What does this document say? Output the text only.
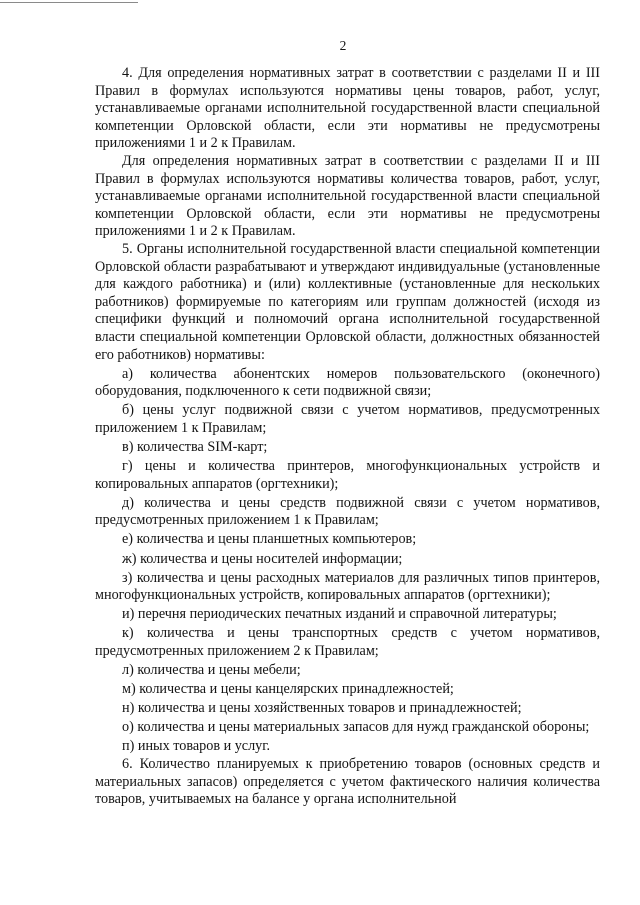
2

4. Для определения нормативных затрат в соответствии с разделами II и III Правил в формулах используются нормативы цены товаров, работ, услуг, устанавливаемые органами исполнительной государственной власти специальной компетенции Орловской области, если эти нормативы не предусмотрены приложениями 1 и 2 к Правилам.

Для определения нормативных затрат в соответствии с разделами II и III Правил в формулах используются нормативы количества товаров, работ, услуг, устанавливаемые органами исполнительной государственной власти специальной компетенции Орловской области, если эти нормативы не предусмотрены приложениями 1 и 2 к Правилам.

5. Органы исполнительной государственной власти специальной компетенции Орловской области разрабатывают и утверждают индивидуальные (установленные для каждого работника) и (или) коллективные (установленные для нескольких работников) формируемые по категориям или группам должностей (исходя из специфики функций и полномочий органа исполнительной государственной власти специальной компетенции Орловской области, должностных обязанностей его работников) нормативы:

а) количества абонентских номеров пользовательского (оконечного) оборудования, подключенного к сети подвижной связи;

б) цены услуг подвижной связи с учетом нормативов, предусмотренных приложением 1 к Правилам;

в) количества SIM-карт;

г) цены и количества принтеров, многофункциональных устройств и копировальных аппаратов (оргтехники);

д) количества и цены средств подвижной связи с учетом нормативов, предусмотренных приложением 1 к Правилам;

е) количества и цены планшетных компьютеров;

ж) количества и цены носителей информации;

з) количества и цены расходных материалов для различных типов принтеров, многофункциональных устройств, копировальных аппаратов (оргтехники);

и) перечня периодических печатных изданий и справочной литературы;

к) количества и цены транспортных средств с учетом нормативов, предусмотренных приложением 2 к Правилам;

л) количества и цены мебели;

м) количества и цены канцелярских принадлежностей;

н) количества и цены хозяйственных товаров и принадлежностей;

о) количества и цены материальных запасов для нужд гражданской обороны;

п) иных товаров и услуг.

6. Количество планируемых к приобретению товаров (основных средств и материальных запасов) определяется с учетом фактического наличия количества товаров, учитываемых на балансе у органа исполнительной
